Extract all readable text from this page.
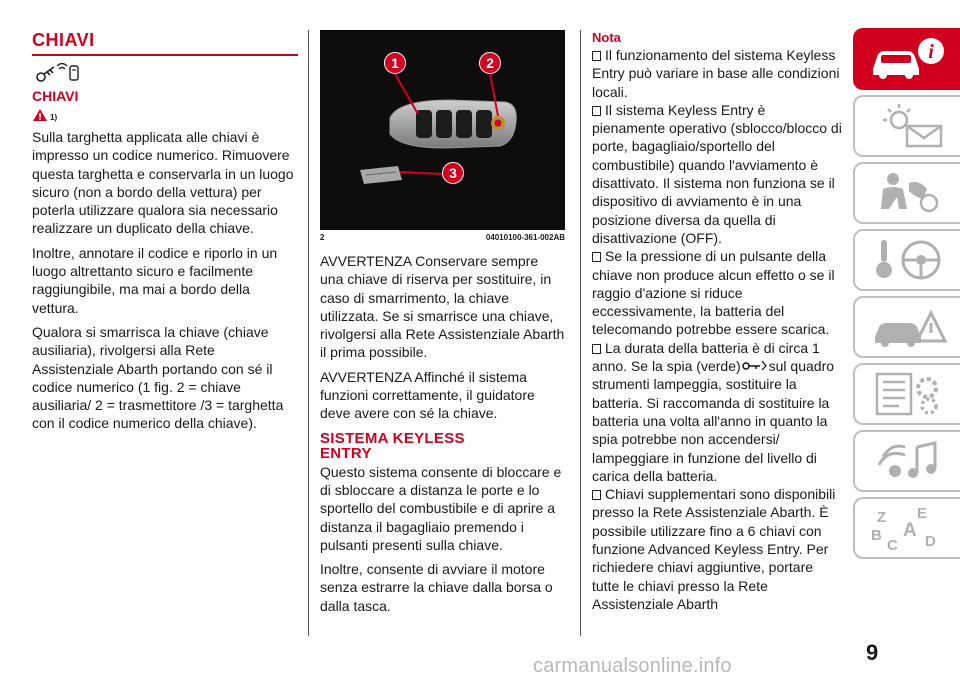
CHIAVI
CHIAVI
1)

Sulla targhetta applicata alle chiavi è impresso un codice numerico. Rimuovere questa targhetta e conservarla in un luogo sicuro (non a bordo della vettura) per poterla utilizzare qualora sia necessario realizzare un duplicato della chiave.

Inoltre, annotare il codice e riporlo in un luogo altrettanto sicuro e facilmente raggiungibile, ma mai a bordo della vettura.

Qualora si smarrisca la chiave (chiave ausiliaria), rivolgersi alla Rete Assistenziale Abarth portando con sé il codice numerico (1 fig. 2 = chiave ausiliaria/ 2 = trasmettitore /3 = targhetta con il codice numerico della chiave).

1	2
3
2	04010100-361-002AB

AVVERTENZA Conservare sempre una chiave di riserva per sostituire, in caso di smarrimento, la chiave utilizzata. Se si smarrisce una chiave, rivolgersi alla Rete Assistenziale Abarth il prima possibile.

AVVERTENZA Affinché il sistema funzioni correttamente, il guidatore deve avere con sé la chiave.

SISTEMA KEYLESS
ENTRY

Questo sistema consente di bloccare e di sbloccare a distanza le porte e lo sportello del combustibile e di aprire a distanza il bagagliaio premendo i pulsanti presenti sulla chiave.

Inoltre, consente di avviare il motore senza estrarre la chiave dalla borsa o dalla tasca.

Nota
Il funzionamento del sistema Keyless Entry può variare in base alle condizioni locali.
Il sistema Keyless Entry è pienamente operativo (sblocco/blocco di porte, bagagliaio/sportello del combustibile) quando l'avviamento è disattivato. Il sistema non funziona se il dispositivo di avviamento è in una posizione diversa da quella di disattivazione (OFF).
Se la pressione di un pulsante della chiave non produce alcun effetto o se il raggio d'azione si riduce eccessivamente, la batteria del telecomando potrebbe essere scarica.
La durata della batteria è di circa 1 anno. Se la spia (verde) sul quadro strumenti lampeggia, sostituire la batteria. Si raccomanda di sostituire la batteria una volta all'anno in quanto la spia potrebbe non accendersi/ lampeggiare in funzione del livello di carica della batteria.
Chiavi supplementari sono disponibili presso la Rete Assistenziale Abarth. È possibile utilizzare fino a 6 chiavi con funzione Advanced Keyless Entry. Per richiedere chiavi aggiuntive, portare tutte le chiavi presso la Rete Assistenziale Abarth
i
Z E
B A
C D
9
carmanualsonline.info
